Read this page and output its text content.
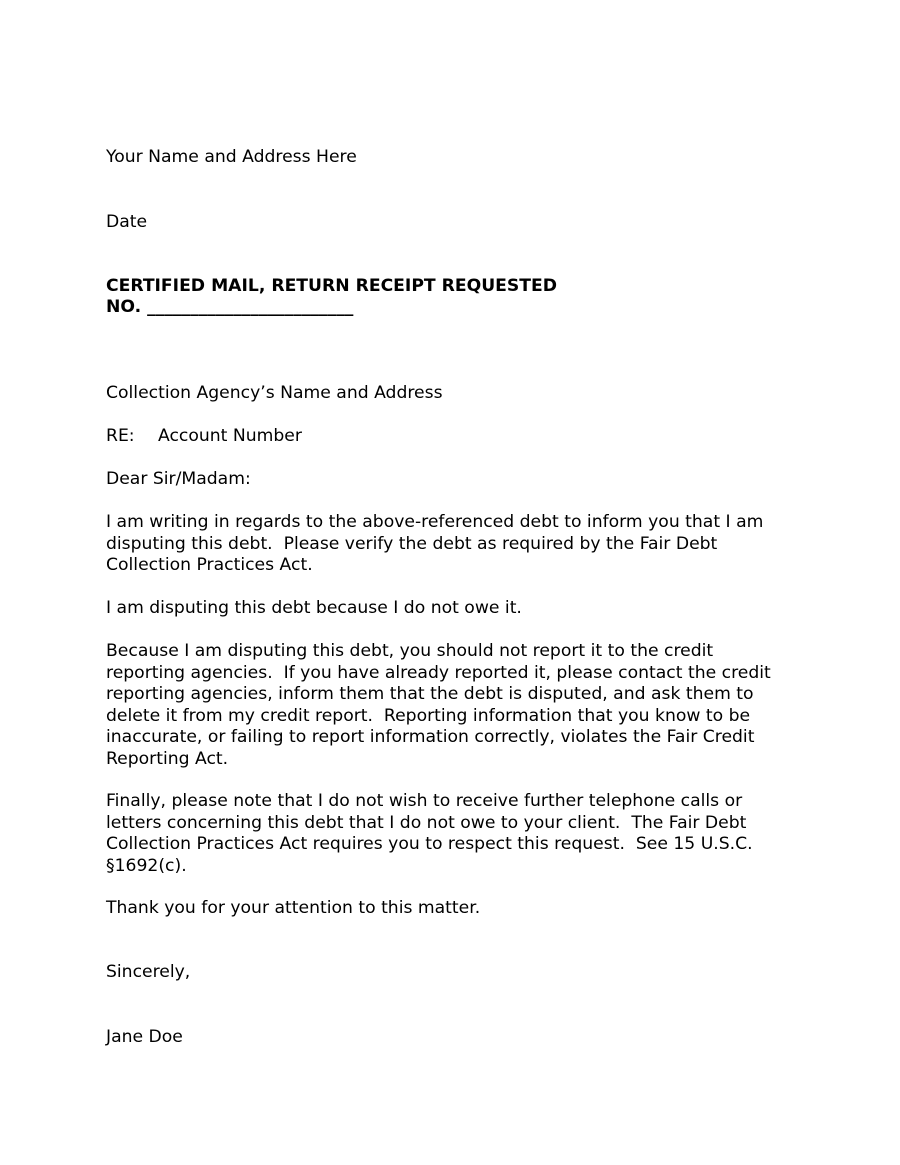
Your Name and Address Here

Date

CERTIFIED MAIL, RETURN RECEIPT REQUESTED

NO. ________________________

Collection Agency’s Name and Address

RE: Account Number

Dear Sir/Madam:

I am writing in regards to the above-referenced debt to inform you that I am
disputing this debt.  Please verify the debt as required by the Fair Debt
Collection Practices Act.
I am disputing this debt because I do not owe it.
Because I am disputing this debt, you should not report it to the credit
reporting agencies.  If you have already reported it, please contact the credit
reporting agencies, inform them that the debt is disputed, and ask them to
delete it from my credit report.  Reporting information that you know to be
inaccurate, or failing to report information correctly, violates the Fair Credit
Reporting Act.
Finally, please note that I do not wish to receive further telephone calls or
letters concerning this debt that I do not owe to your client.  The Fair Debt
Collection Practices Act requires you to respect this request.  See 15 U.S.C.
§1692(c).
Thank you for your attention to this matter.

Sincerely,

Jane Doe
